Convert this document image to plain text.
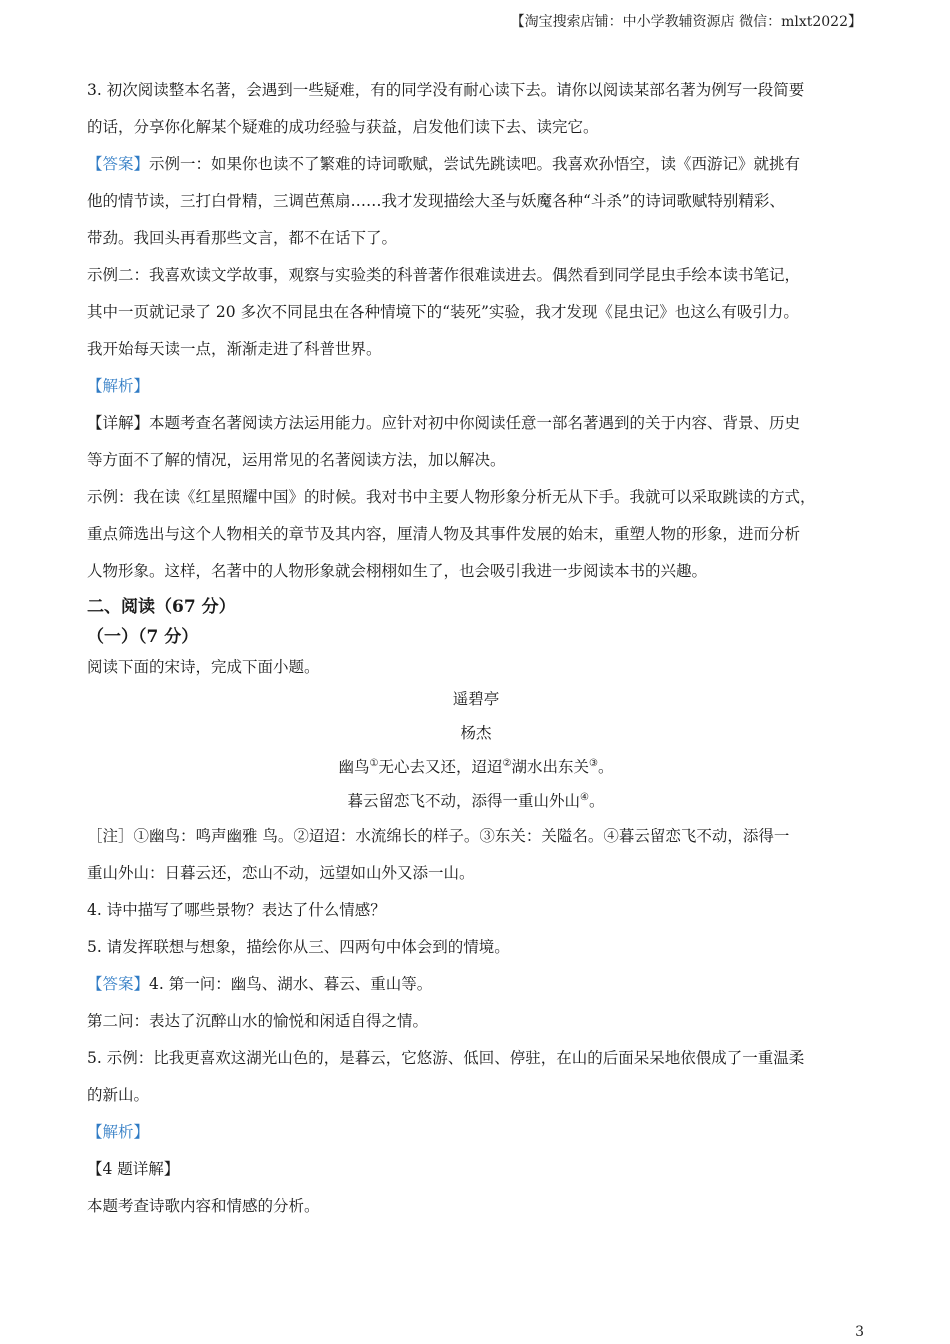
【淘宝搜索店铺：中小学教辅资源店 微信：mlxt2022】

3. 初次阅读整本名著，会遇到一些疑难，有的同学没有耐心读下去。请你以阅读某部名著为例写一段简要

的话，分享你化解某个疑难的成功经验与获益，启发他们读下去、读完它。

【答案】示例一：如果你也读不了繁难的诗词歌赋，尝试先跳读吧。我喜欢孙悟空，读《西游记》就挑有

他的情节读，三打白骨精，三调芭蕉扇……我才发现描绘大圣与妖魔各种“斗杀”的诗词歌赋特别精彩、

带劲。我回头再看那些文言，都不在话下了。

示例二：我喜欢读文学故事，观察与实验类的科普著作很难读进去。偶然看到同学昆虫手绘本读书笔记，

其中一页就记录了 20 多次不同昆虫在各种情境下的“装死”实验，我才发现《昆虫记》也这么有吸引力。

我开始每天读一点，渐渐走进了科普世界。

【解析】

【详解】本题考查名著阅读方法运用能力。应针对初中你阅读任意一部名著遇到的关于内容、背景、历史

等方面不了解的情况，运用常见的名著阅读方法，加以解决。

示例：我在读《红星照耀中国》的时候。我对书中主要人物形象分析无从下手。我就可以采取跳读的方式，

重点筛选出与这个人物相关的章节及其内容，厘清人物及其事件发展的始末，重塑人物的形象，进而分析

人物形象。这样，名著中的人物形象就会栩栩如生了，也会吸引我进一步阅读本书的兴趣。

二、阅读（67 分）

（一）（7 分）

阅读下面的宋诗，完成下面小题。

遥碧亭

杨杰

幽鸟①无心去又还，迢迢②湖水出东关③。

暮云留恋飞不动，添得一重山外山④。

［注］①幽鸟：鸣声幽雅 鸟。②迢迢：水流绵长的样子。③东关：关隘名。④暮云留恋飞不动，添得一

重山外山：日暮云还，恋山不动，远望如山外又添一山。

4. 诗中描写了哪些景物？表达了什么情感？

5. 请发挥联想与想象，描绘你从三、四两句中体会到的情境。

【答案】4. 第一问：幽鸟、湖水、暮云、重山等。

第二问：表达了沉醉山水的愉悦和闲适自得之情。

5. 示例：比我更喜欢这湖光山色的，是暮云，它悠游、低回、停驻，在山的后面呆呆地依偎成了一重温柔

的新山。

【解析】

【4 题详解】

本题考查诗歌内容和情感的分析。

3
